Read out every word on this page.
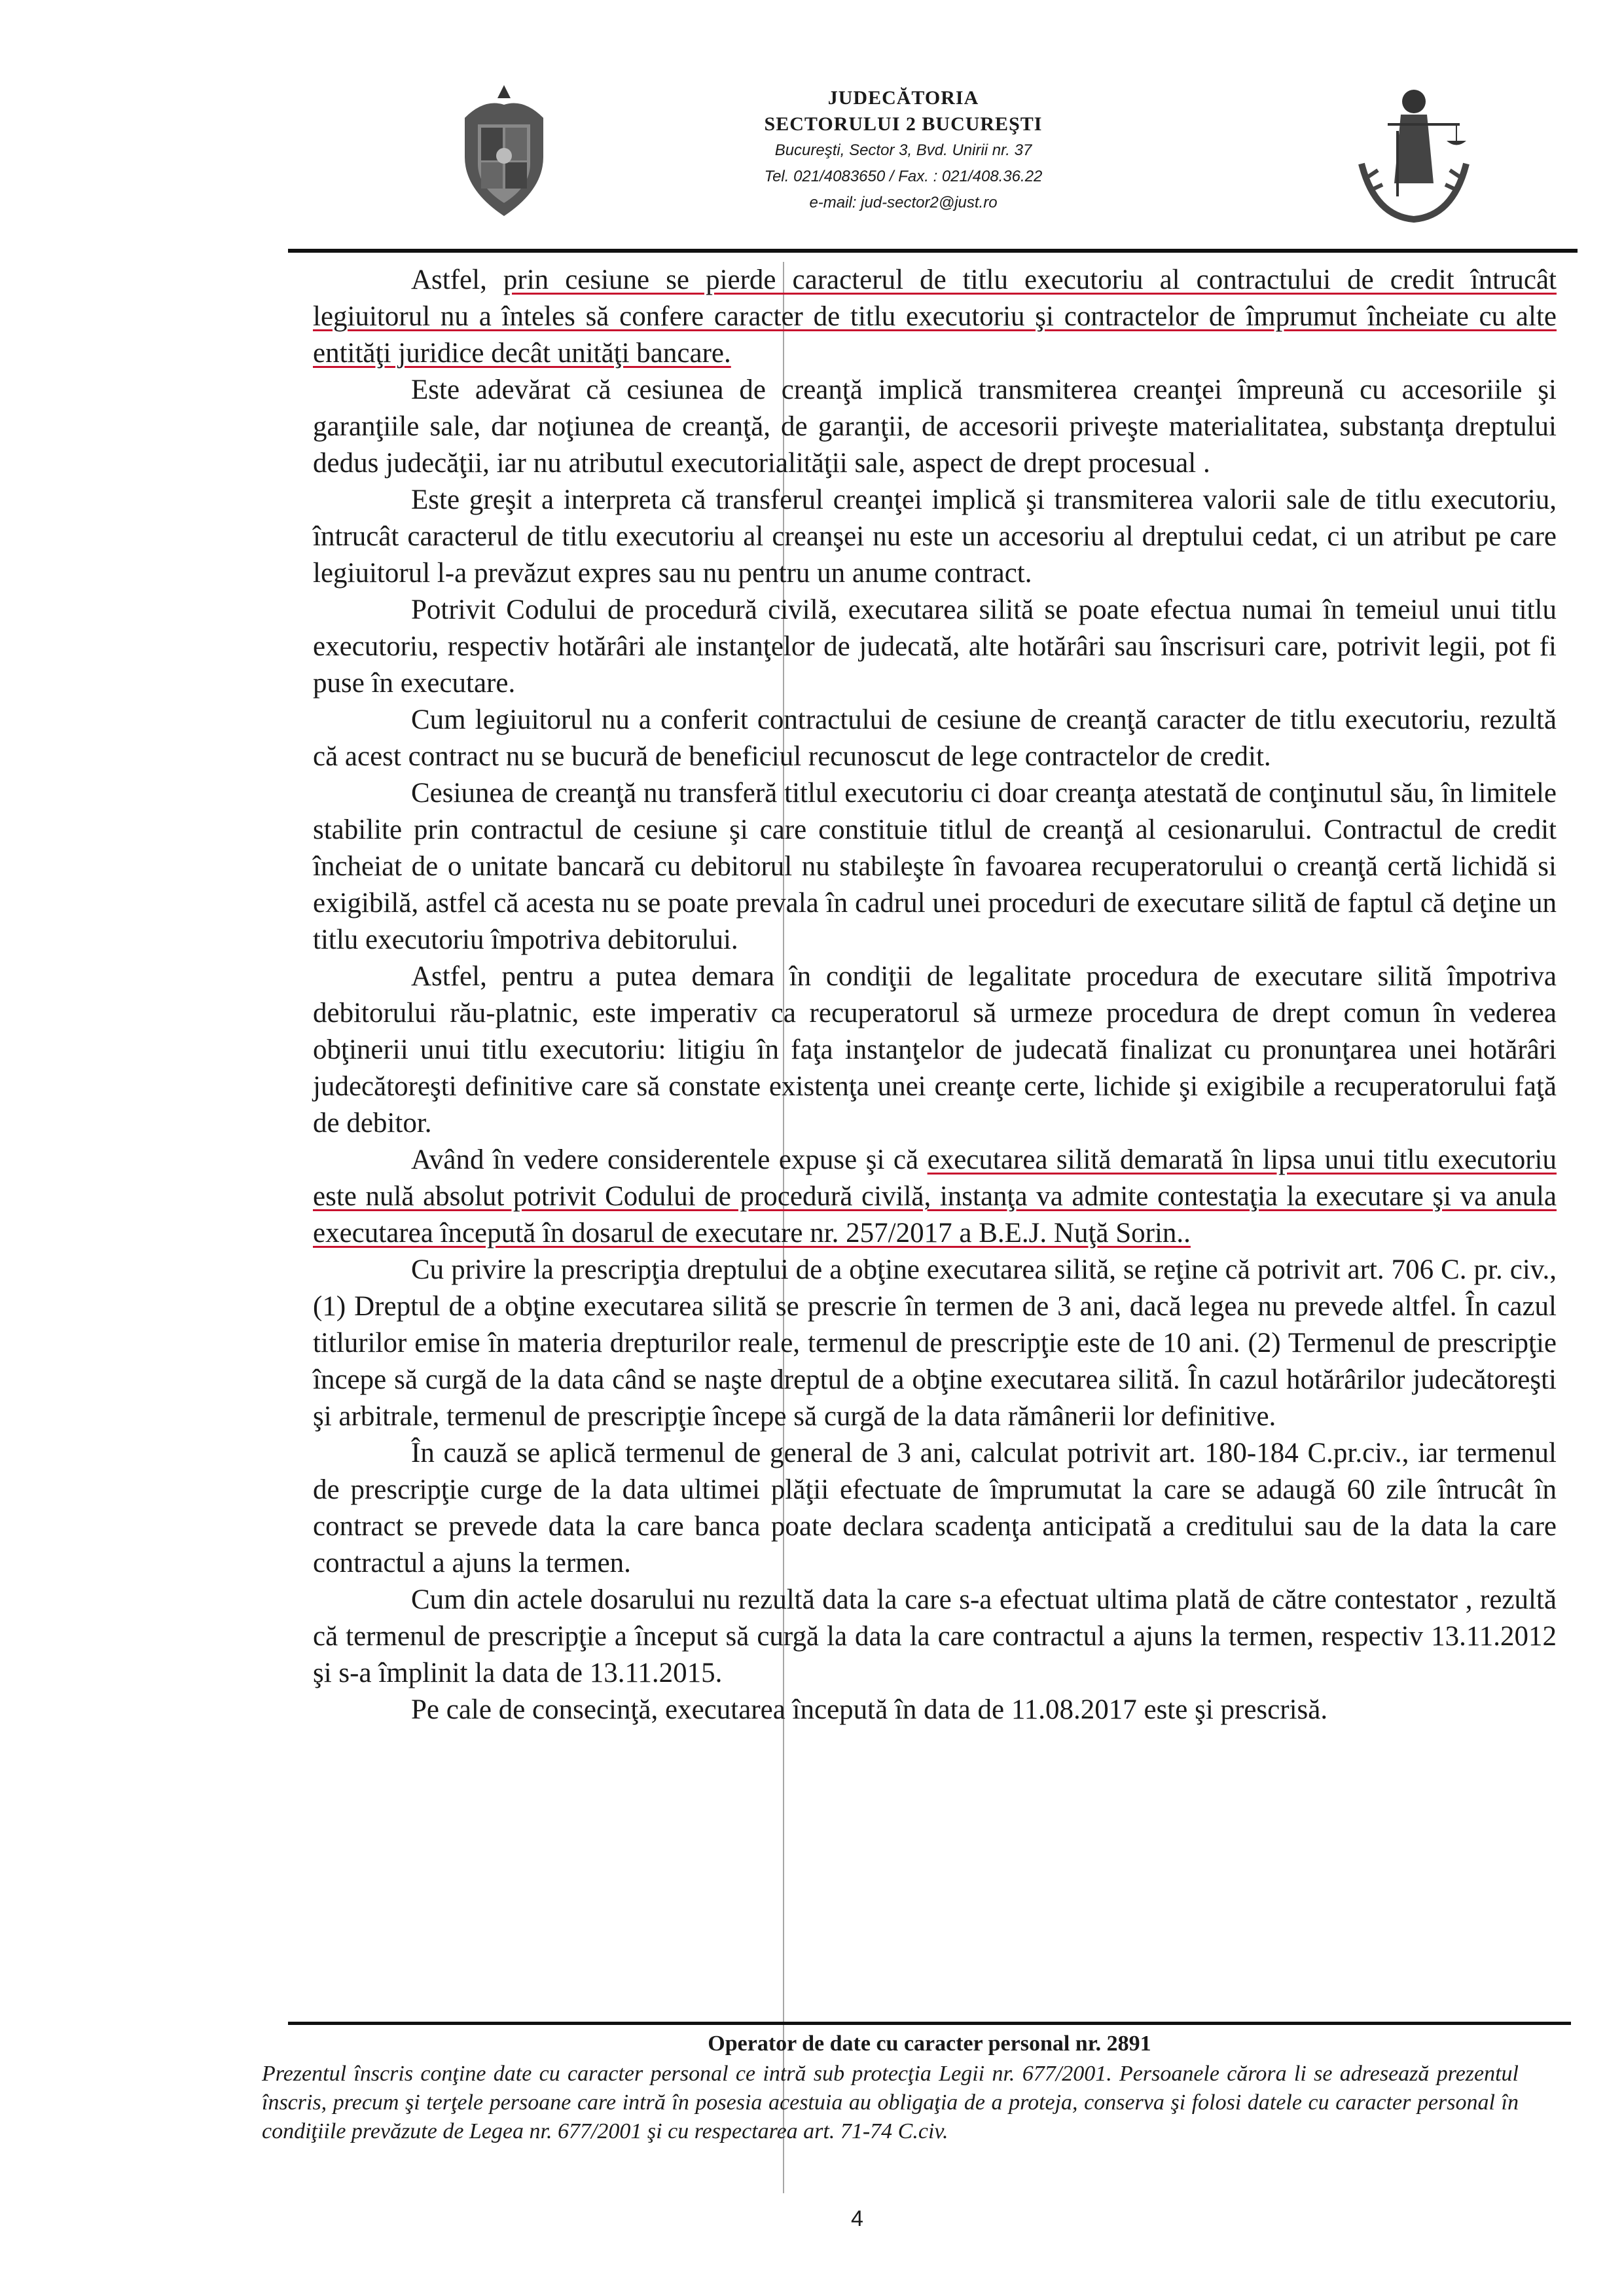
JUDECĂTORIA
SECTORULUI 2 BUCUREŞTI
Bucureşti, Sector 3, Bvd. Unirii nr. 37
Tel. 021/4083650 / Fax. : 021/408.36.22
e-mail: jud-sector2@just.ro

Astfel, prin cesiune se pierde caracterul de titlu executoriu al contractului de credit întrucât legiuitorul nu a înteles să confere caracter de titlu executoriu şi contractelor de împrumut încheiate cu alte entităţi juridice decât unităţi bancare.

Este adevărat că cesiunea de creanţă implică transmiterea creanţei împreună cu accesoriile şi garanţiile sale, dar noţiunea de creanţă, de garanţii, de accesorii priveşte materialitatea, substanţa dreptului dedus judecăţii, iar nu atributul executorialităţii sale, aspect de drept procesual .

Este greşit a interpreta că transferul creanţei implică şi transmiterea valorii sale de titlu executoriu, întrucât caracterul de titlu executoriu al creanşei nu este un accesoriu al dreptului cedat, ci un atribut pe care legiuitorul l-a prevăzut expres sau nu pentru un anume contract.

Potrivit Codului de procedură civilă, executarea silită se poate efectua numai în temeiul unui titlu executoriu, respectiv hotărâri ale instanţelor de judecată, alte hotărâri sau înscrisuri care, potrivit legii, pot fi puse în executare.

Cum legiuitorul nu a conferit contractului de cesiune de creanţă caracter de titlu executoriu, rezultă că acest contract nu se bucură de beneficiul recunoscut de lege contractelor de credit.

Cesiunea de creanţă nu transferă titlul executoriu ci doar creanţa atestată de conţinutul său, în limitele stabilite prin contractul de cesiune şi care constituie titlul de creanţă al cesionarului. Contractul de credit încheiat de o unitate bancară cu debitorul nu stabileşte în favoarea recuperatorului o creanţă certă lichidă si exigibilă, astfel că acesta nu se poate prevala în cadrul unei proceduri de executare silită de faptul că deţine un titlu executoriu împotriva debitorului.

Astfel, pentru a putea demara în condiţii de legalitate procedura de executare silită împotriva debitorului rău-platnic, este imperativ ca recuperatorul să urmeze procedura de drept comun în vederea obţinerii unui titlu executoriu: litigiu în faţa instanţelor de judecată finalizat cu pronunţarea unei hotărâri judecătoreşti definitive care să constate existenţa unei creanţe certe, lichide şi exigibile a recuperatorului faţă de debitor.

Având în vedere considerentele expuse şi că executarea silită demarată în lipsa unui titlu executoriu este nulă absolut potrivit Codului de procedură civilă, instanţa va admite contestaţia la executare şi va anula executarea începută în dosarul de executare nr. 257/2017 a B.E.J. Nuţă Sorin..

Cu privire la prescripţia dreptului de a obţine executarea silită, se reţine că potrivit art. 706 C. pr. civ.,(1) Dreptul de a obţine executarea silită se prescrie în termen de 3 ani, dacă legea nu prevede altfel. În cazul titlurilor emise în materia drepturilor reale, termenul de prescripţie este de 10 ani. (2) Termenul de prescripţie începe să curgă de la data când se naşte dreptul de a obţine executarea silită. În cazul hotărârilor judecătoreşti şi arbitrale, termenul de prescripţie începe să curgă de la data rămânerii lor definitive.

În cauză se aplică termenul de general de 3 ani, calculat potrivit art. 180-184 C.pr.civ., iar termenul de prescripţie curge de la data ultimei plăţii efectuate de împrumutat la care se adaugă 60 zile întrucât în contract se prevede data la care banca poate declara scadenţa anticipată a creditului sau de la data la care contractul a ajuns la termen.

Cum din actele dosarului nu rezultă data la care s-a efectuat ultima plată de către contestator , rezultă că termenul de prescripţie a început să curgă la data la care contractul a ajuns la termen, respectiv 13.11.2012 şi s-a împlinit la data de 13.11.2015.

Pe cale de consecinţă, executarea începută în data de 11.08.2017 este şi prescrisă.

Operator de date cu caracter personal nr. 2891
Prezentul înscris conţine date cu caracter personal ce intră sub protecţia Legii nr. 677/2001. Persoanele cărora li se adresează prezentul înscris, precum şi terţele persoane care intră în posesia acestuia au obligaţia de a proteja, conserva şi folosi datele cu caracter personal în condiţiile prevăzute de Legea nr. 677/2001 şi cu respectarea art. 71-74 C.civ.
4
